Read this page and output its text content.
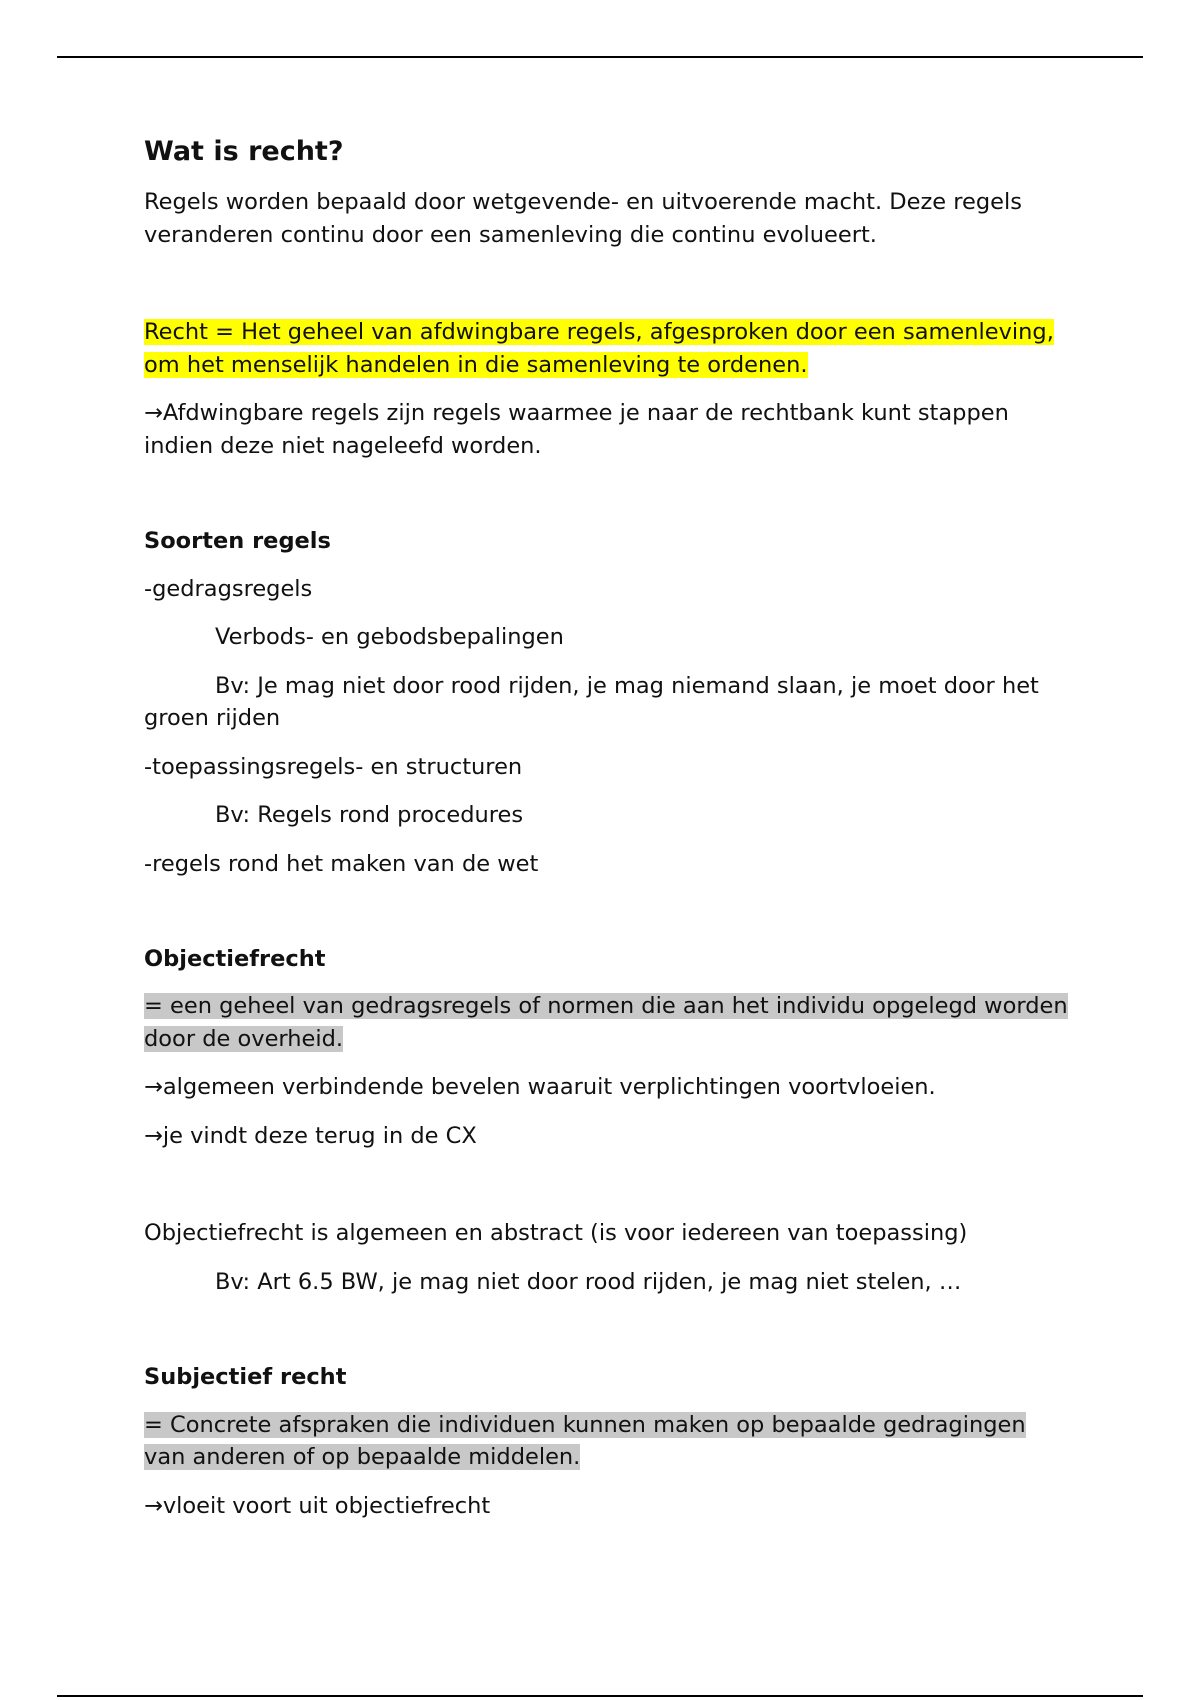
Wat is recht?

Regels worden bepaald door wetgevende- en uitvoerende macht. Deze regels veranderen continu door een samenleving die continu evolueert.

Recht = Het geheel van afdwingbare regels, afgesproken door een samenleving, om het menselijk handelen in die samenleving te ordenen.

→Afdwingbare regels zijn regels waarmee je naar de rechtbank kunt stappen indien deze niet nageleefd worden.

Soorten regels

-gedragsregels

Verbods- en gebodsbepalingen

Bv: Je mag niet door rood rijden, je mag niemand slaan, je moet door het groen rijden

-toepassingsregels- en structuren

Bv: Regels rond procedures

-regels rond het maken van de wet

Objectiefrecht

= een geheel van gedragsregels of normen die aan het individu opgelegd worden door de overheid.

→algemeen verbindende bevelen waaruit verplichtingen voortvloeien.

→je vindt deze terug in de CX

Objectiefrecht is algemeen en abstract (is voor iedereen van toepassing)

Bv: Art 6.5 BW, je mag niet door rood rijden, je mag niet stelen, …

Subjectief recht

= Concrete afspraken die individuen kunnen maken op bepaalde gedragingen van anderen of op bepaalde middelen.

→vloeit voort uit objectiefrecht
